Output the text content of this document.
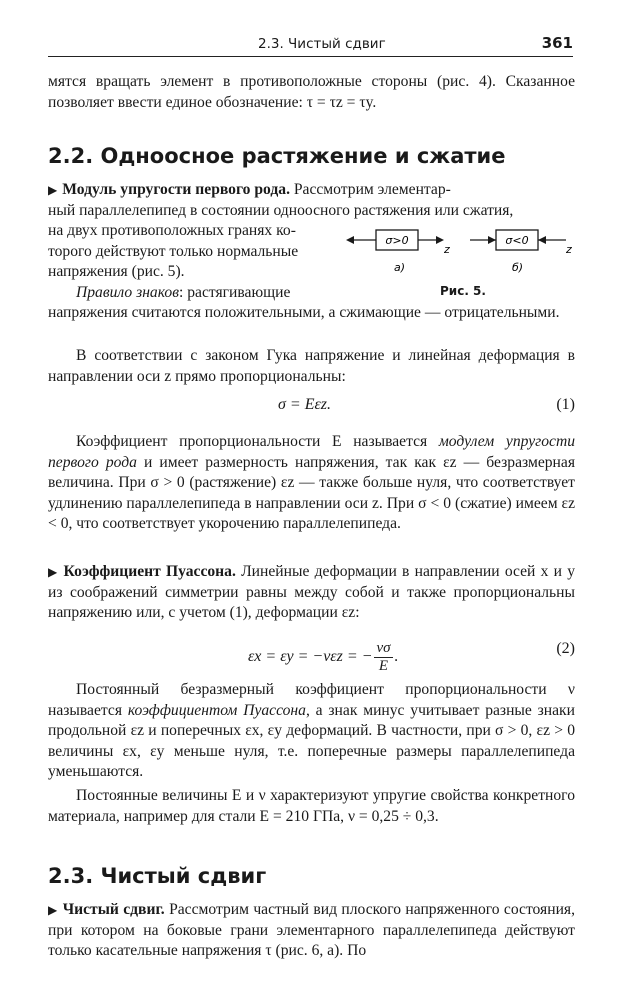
2.3. Чистый сдвиг	361

мятся вращать элемент в противоположные стороны (рис. 4). Сказанное позволяет ввести единое обозначение: τ = τz = τy.

2.2. Одноосное растяжение и сжатие

▶ Модуль упругости первого рода. Рассмотрим элементар-

ный параллелепипед в состоянии одноосного растяжения или сжатия,

на двух противоположных гранях ко-

торого действуют только нормальные

напряжения (рис. 5).

Правило знаков: растягивающие

напряжения считаются положительными, а сжимающие — отрицательными.

σ>0
z
а)
σ<0
z
б)
Рис. 5.

В соответствии с законом Гука напряжение и линейная деформация в направлении оси z прямо пропорциональны:

σ = Eεz.	(1)

Коэффициент пропорциональности E называется модулем упругости первого рода и имеет размерность напряжения, так как εz — безразмерная величина. При σ > 0 (растяжение) εz — также больше нуля, что соответствует удлинению параллелепипеда в направлении оси z. При σ < 0 (сжатие) имеем εz < 0, что соответствует укорочению параллелепипеда.

▶ Коэффициент Пуассона. Линейные деформации в направлении осей x и y из соображений симметрии равны между собой и также пропорциональны напряжению или, с учетом (1), деформации εz:

εx = εy = −νεz = − $\frac{\nu\sigma}{E}$ .	(2)

Постоянный безразмерный коэффициент пропорциональности ν называется коэффициентом Пуассона, а знак минус учитывает разные знаки продольной εz и поперечных εx, εy деформаций. В частности, при σ > 0, εz > 0 величины εx, εy меньше нуля, т.е. поперечные размеры параллелепипеда уменьшаются.

Постоянные величины E и ν характеризуют упругие свойства конкретного материала, например для стали E = 210 ГПа, ν = 0,25 ÷ 0,3.

2.3. Чистый сдвиг

▶ Чистый сдвиг. Рассмотрим частный вид плоского напряженного состояния, при котором на боковые грани элементарного параллелепипеда действуют только касательные напряжения τ (рис. 6, а). По
